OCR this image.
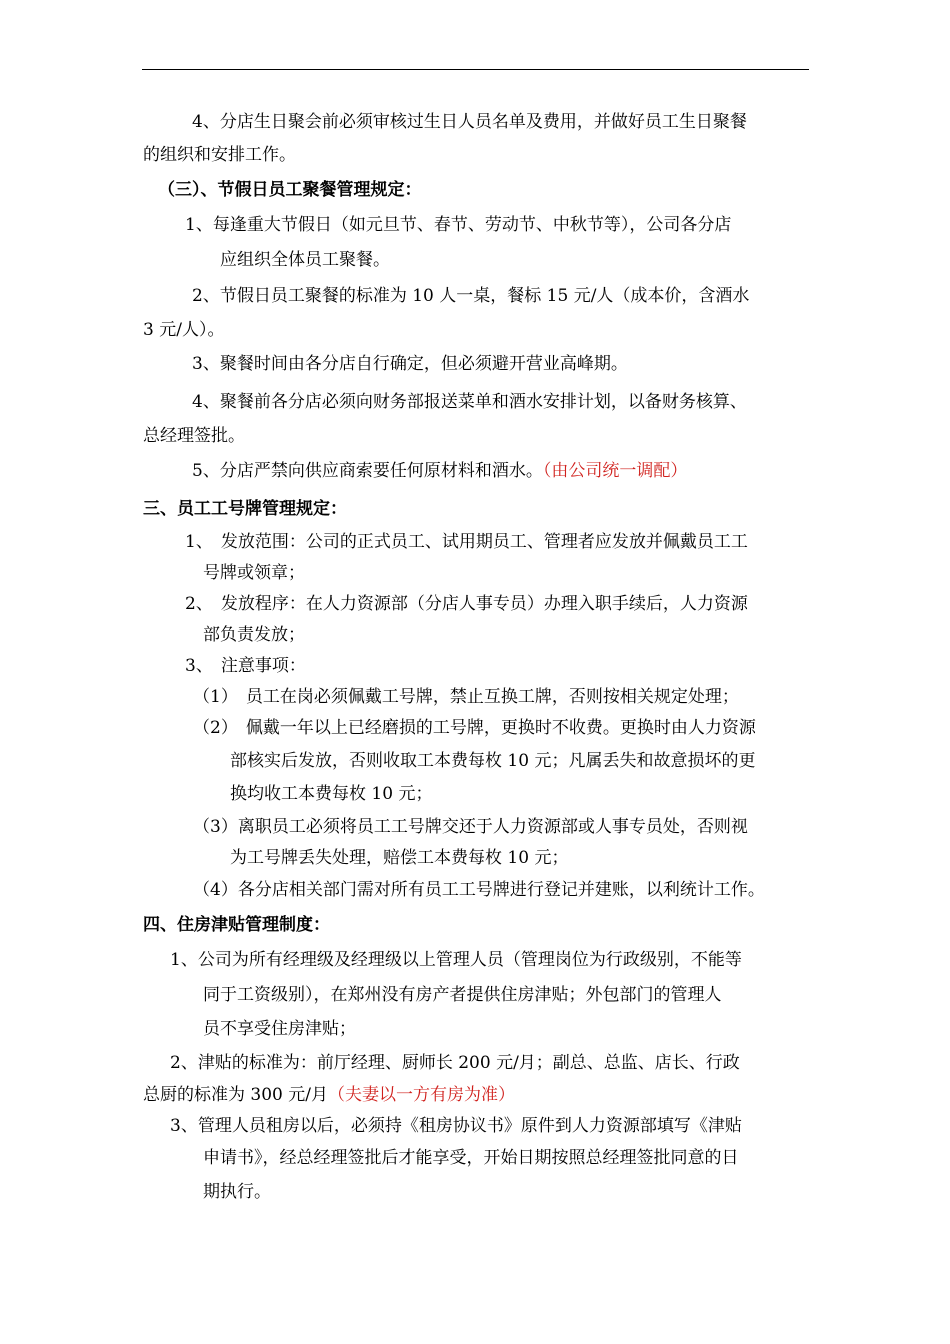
4、分店生日聚会前必须审核过生日人员名单及费用，并做好员工生日聚餐
的组织和安排工作。
（三）、节假日员工聚餐管理规定：
1、每逢重大节假日（如元旦节、春节、劳动节、中秋节等），公司各分店
应组织全体员工聚餐。
2、节假日员工聚餐的标准为 10 人一桌，餐标 15 元/人（成本价，含酒水
3 元/人）。
3、聚餐时间由各分店自行确定，但必须避开营业高峰期。
4、聚餐前各分店必须向财务部报送菜单和酒水安排计划，以备财务核算、
总经理签批。
5、分店严禁向供应商索要任何原材料和酒水。（由公司统一调配）
三、员工工号牌管理规定：
1、 发放范围：公司的正式员工、试用期员工、管理者应发放并佩戴员工工
号牌或领章；
2、 发放程序：在人力资源部（分店人事专员）办理入职手续后，人力资源
部负责发放；
3、 注意事项：
（1） 员工在岗必须佩戴工号牌，禁止互换工牌，否则按相关规定处理；
（2） 佩戴一年以上已经磨损的工号牌，更换时不收费。更换时由人力资源
部核实后发放，否则收取工本费每枚 10 元；凡属丢失和故意损坏的更
换均收工本费每枚 10 元；
（3）离职员工必须将员工工号牌交还于人力资源部或人事专员处，否则视
为工号牌丢失处理，赔偿工本费每枚 10 元；
（4）各分店相关部门需对所有员工工号牌进行登记并建账，以利统计工作。
四、住房津贴管理制度：
1、公司为所有经理级及经理级以上管理人员（管理岗位为行政级别，不能等
同于工资级别），在郑州没有房产者提供住房津贴；外包部门的管理人
员不享受住房津贴；
2、津贴的标准为：前厅经理、厨师长 200 元/月；副总、总监、店长、行政
总厨的标准为 300 元/月（夫妻以一方有房为准）
3、管理人员租房以后，必须持《租房协议书》原件到人力资源部填写《津贴
申请书》，经总经理签批后才能享受，开始日期按照总经理签批同意的日
期执行。
